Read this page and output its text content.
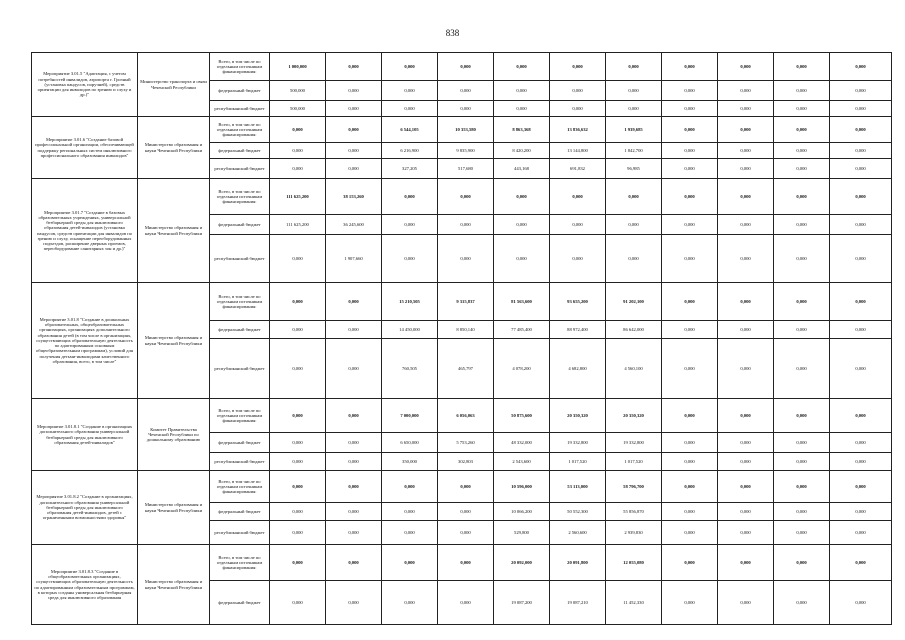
838
Мероприятие 3.01.5 "Адаптация, с учетом потребностей инвалидов, аэропорта г. Грозный (установка пандусов, поручней), средств ориентации для инвалидов по зрению и слуху и др.)"	Министерство транспорта и связи Чеченской Республики	Всего, в том числе по отдельным источникам финансирования:	1 000,000	0,000	0,000	0,000	0,000	0,000	0,000	0,000	0,000	0,000	0,000
		федеральный бюджет	500,000	0,000	0,000	0,000	0,000	0,000	0,000	0,000	0,000	0,000	0,000
		республиканский бюджет	500,000	0,000	0,000	0,000	0,000	0,000	0,000	0,000	0,000	0,000	0,000
Мероприятие 3.01.6 "Создание базовой профессиональной организации, обеспечивающей поддержку региональных систем инклюзивного профессионального образования инвалидов"	Министерство образования и науки Чеченской Республики	Всего, в том числе по отдельным источникам финансирования:	0,000	0,000	6 544,105	10 353,580	8 863,368	13 836,632	1 939,685	0,000	0,000	0,000	0,000
		федеральный бюджет	0,000	0,000	6 216,900	9 835,900	8 420,200	13 144,800	1 842,700	0,000	0,000	0,000	0,000
		республиканский бюджет	0,000	0,000	327,205	517,680	443,168	691,832	96,985	0,000	0,000	0,000	0,000
Мероприятие 3.01.7 "Создание в базовых образовательных учреждениях, универсальной безбарьерной среды для инклюзивного образования детей-инвалидов (установка пандусов, средств ориентации для инвалидов по зрению и слуху, оснащение переоборудованных подъездов, расширение дверных проемов, переоборудование санитарных зон и др.)"	Министерство образования и науки Чеченской Республики	Всего, в том числе по отдельным источникам финансирования:	111 625,200	38 153,260	0,000	0,000	0,000	0,000	0,000	0,000	0,000	0,000	0,000
		федеральный бюджет	111 625,200	36 245,600	0,000	0,000	0,000	0,000	0,000	0,000	0,000	0,000	0,000
		республиканский бюджет	0,000	1 907,660	0,000	0,000	0,000	0,000	0,000	0,000	0,000	0,000	0,000
Мероприятие 3.01.8 "Создание в дошкольных образовательных, общеобразовательных организациях, организациях дополнительного образования детей (в том числе в организациях, осуществляющих образовательную деятельность по адаптированным основным общеобразовательным программам), условий для получения детьми-инвалидами качественного образования, всего, в том числе"	Министерство образования и науки Чеченской Республики	Всего, в том числе по отдельным источникам финансирования:	0,000	0,000	15 210,505	9 315,837	81 563,600	93 655,200	91 202,100	0,000	0,000	0,000	0,000
		федеральный бюджет	0,000	0,000	14 450,000	8 850,140	77 485,400	88 972,400	86 642,000	0,000	0,000	0,000	0,000
		республиканский бюджет	0,000	0,000	760,505	465,797	4 078,200	4 682,800	4 560,100	0,000	0,000	0,000	0,000
Мероприятие 3.01.8.1 "Создание в организациях дополнительного образования универсальной безбарьерной среды для инклюзивного образования детей-инвалидов"	Комитет Правительства Чеченской Республики по дошкольному образованию	Всего, в том числе по отдельным источникам финансирования:	0,000	0,000	7 000,000	6 056,063	50 875,600	20 350,320	20 350,320	0,000	0,000	0,000	0,000
		федеральный бюджет	0,000	0,000	6 650,000	5 753,260	48 332,000	19 332,800	19 332,800	0,000	0,000	0,000	0,000
		республиканский бюджет	0,000	0,000	350,000	302,803	2 543,600	1 017,520	1 017,520	0,000	0,000	0,000	0,000
Мероприятие 3.01.8.2 "Создание в организациях, дополнительного образования универсальной безбарьерной среды для инклюзивного образования детей-инвалидов, детей с ограниченными возможностями здоровья"	Министерство образования и науки Чеченской Республики	Всего, в том числе по отдельным источникам финансирования:	0,000	0,000	0,000	0,000	10 596,000	53 113,000	58 796,700	0,000	0,000	0,000	0,000
		федеральный бюджет	0,000	0,000	0,000	0,000	10 066,200	50 552,300	55 856,870	0,000	0,000	0,000	0,000
		республиканский бюджет	0,000	0,000	0,000	0,000	529,800	2 560,600	2 939,830	0,000	0,000	0,000	0,000
Мероприятие 3.01.8.3 "Создание в общеобразовательных организациях, осуществляющих образовательную деятельность по адаптированным образовательным программам, в которых созданы универсальная безбарьерная среда для инклюзивного образования	Министерство образования и науки Чеченской Республики	Всего, в том числе по отдельным источникам финансирования:	0,000	0,000	0,000	0,000	20 092,000	20 091,800	12 055,080	0,000	0,000	0,000	0,000
		федеральный бюджет	0,000	0,000	0,000	0,000	19 087,200	19 087,210	11 452,330	0,000	0,000	0,000	0,000
